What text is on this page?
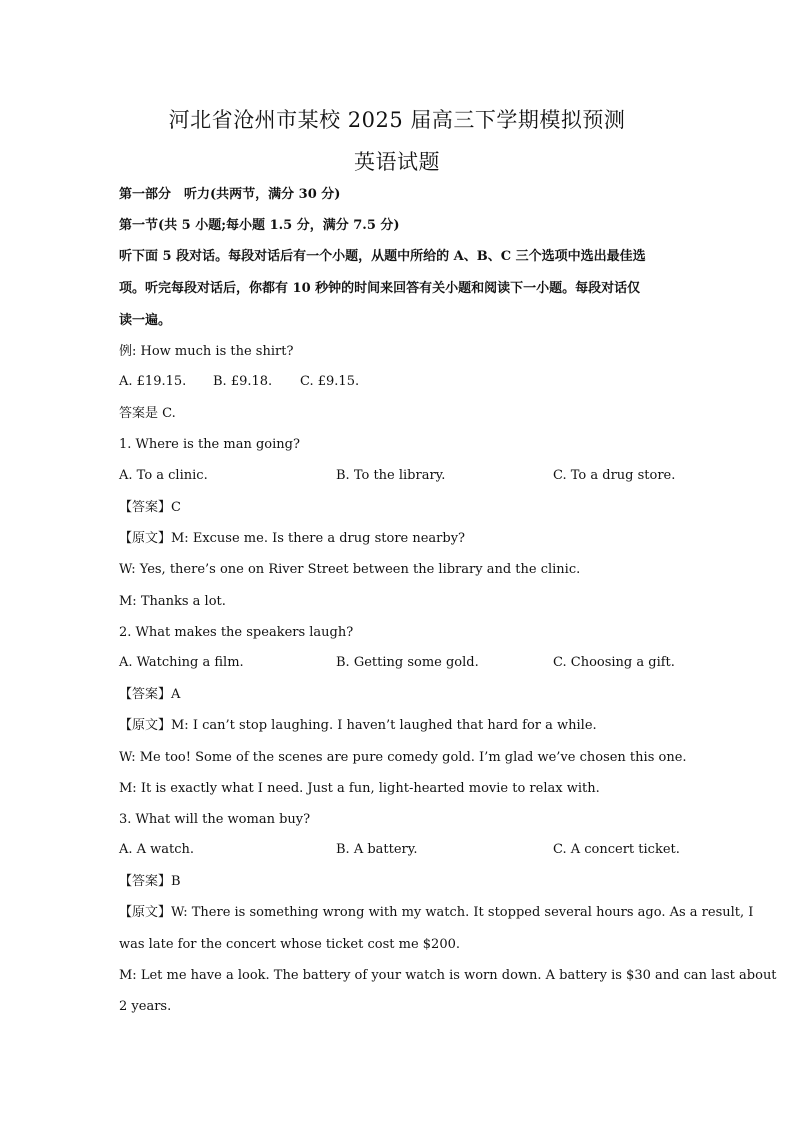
河北省沧州市某校 2025 届高三下学期模拟预测
英语试题
第一部分　听力(共两节，满分 30 分)
第一节(共 5 小题;每小题 1.5 分，满分 7.5 分)
听下面 5 段对话。每段对话后有一个小题，从题中所给的 A、B、C 三个选项中选出最佳选
项。听完每段对话后，你都有 10 秒钟的时间来回答有关小题和阅读下一小题。每段对话仅
读一遍。
例: How much is the shirt?
A. £19.15. B. £9.18. C. £9.15.
答案是 C.
1. Where is the man going?
A. To a clinic.	B. To the library.	C. To a drug store.
【答案】C
【原文】M: Excuse me. Is there a drug store nearby?
W: Yes, there’s one on River Street between the library and the clinic.
M: Thanks a lot.
2. What makes the speakers laugh?
A. Watching a film.	B. Getting some gold.	C. Choosing a gift.
【答案】A
【原文】M: I can’t stop laughing. I haven’t laughed that hard for a while.
W: Me too! Some of the scenes are pure comedy gold. I’m glad we’ve chosen this one.
M: It is exactly what I need. Just a fun, light-hearted movie to relax with.
3. What will the woman buy?
A. A watch.	B. A battery.	C. A concert ticket.
【答案】B
【原文】W: There is something wrong with my watch. It stopped several hours ago. As a result, I
was late for the concert whose ticket cost me $200.
M: Let me have a look. The battery of your watch is worn down. A battery is $30 and can last about
2 years.
